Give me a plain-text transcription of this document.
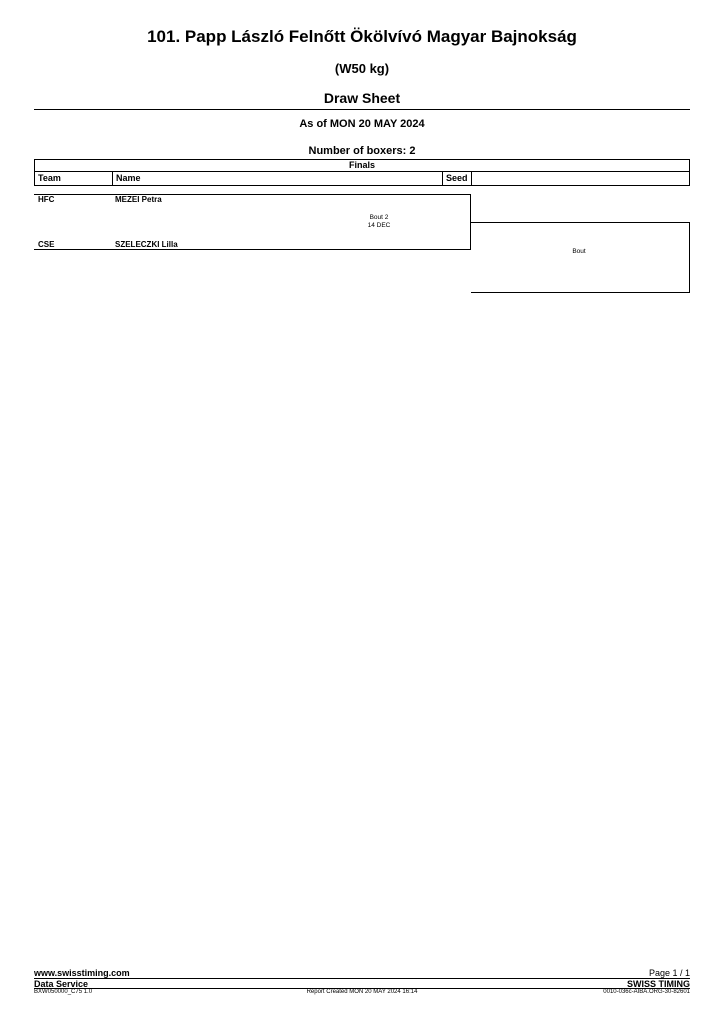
101. Papp László Felnőtt Ökölvívó Magyar Bajnokság
(W50 kg)
Draw Sheet
As of MON 20 MAY 2024
Number of boxers: 2
Finals
Team	Name	Seed
HFC	MEZEI Petra
Bout 2
14 DEC
CSE	SZELECZKI Lilla
Bout
www.swisstiming.com	Page 1 / 1
Data Service	SWISS TIMING
BXW050000_C75 1.0	Report Created MON 20 MAY 2024 16:14	0010-036c-AIBA.ORG-30-82601
